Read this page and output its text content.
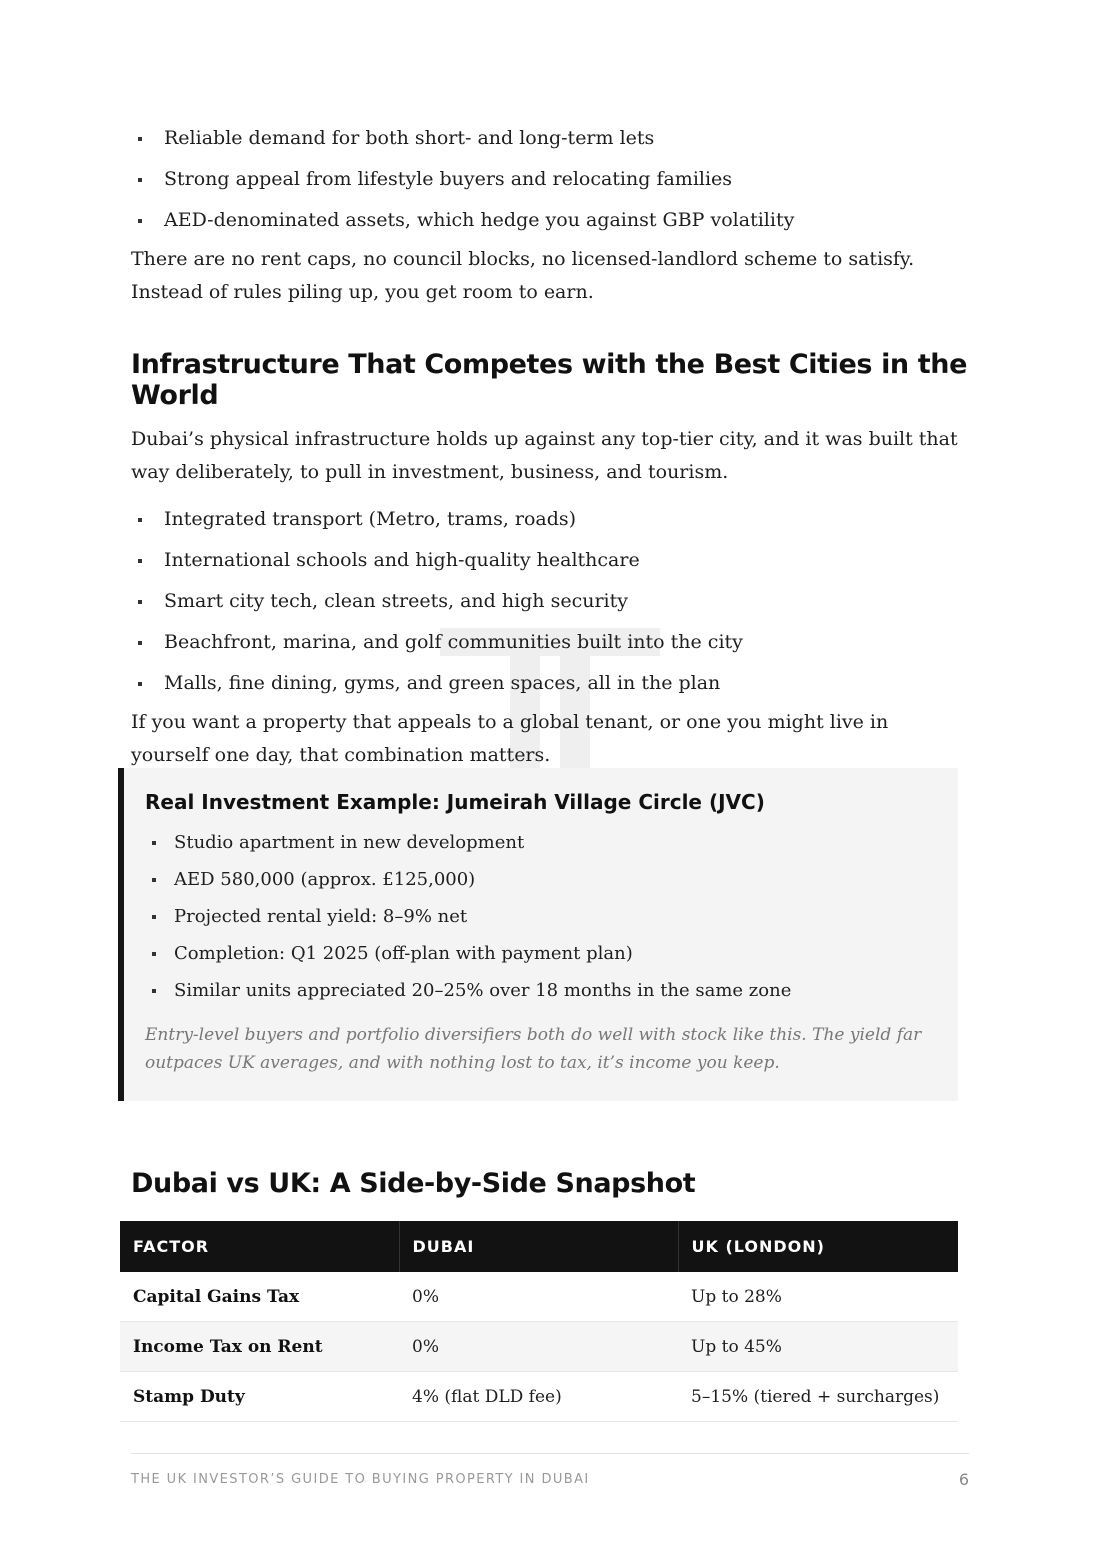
Reliable demand for both short- and long-term lets
Strong appeal from lifestyle buyers and relocating families
AED-denominated assets, which hedge you against GBP volatility

There are no rent caps, no council blocks, no licensed-landlord scheme to satisfy. Instead of rules piling up, you get room to earn.

Infrastructure That Competes with the Best Cities in the World

Dubai’s physical infrastructure holds up against any top-tier city, and it was built that way deliberately, to pull in investment, business, and tourism.

Integrated transport (Metro, trams, roads)
International schools and high-quality healthcare
Smart city tech, clean streets, and high security
Beachfront, marina, and golf communities built into the city
Malls, fine dining, gyms, and green spaces, all in the plan

If you want a property that appeals to a global tenant, or one you might live in yourself one day, that combination matters.

Real Investment Example: Jumeirah Village Circle (JVC)
Studio apartment in new development
AED 580,000 (approx. £125,000)
Projected rental yield: 8–9% net
Completion: Q1 2025 (off-plan with payment plan)
Similar units appreciated 20–25% over 18 months in the same zone

Entry-level buyers and portfolio diversifiers both do well with stock like this. The yield far outpaces UK averages, and with nothing lost to tax, it’s income you keep.

Dubai vs UK: A Side-by-Side Snapshot
FACTOR	DUBAI	UK (LONDON)
Capital Gains Tax	0%	Up to 28%
Income Tax on Rent	0%	Up to 45%
Stamp Duty	4% (flat DLD fee)	5–15% (tiered + surcharges)
THE UK INVESTOR’S GUIDE TO BUYING PROPERTY IN DUBAI	6
